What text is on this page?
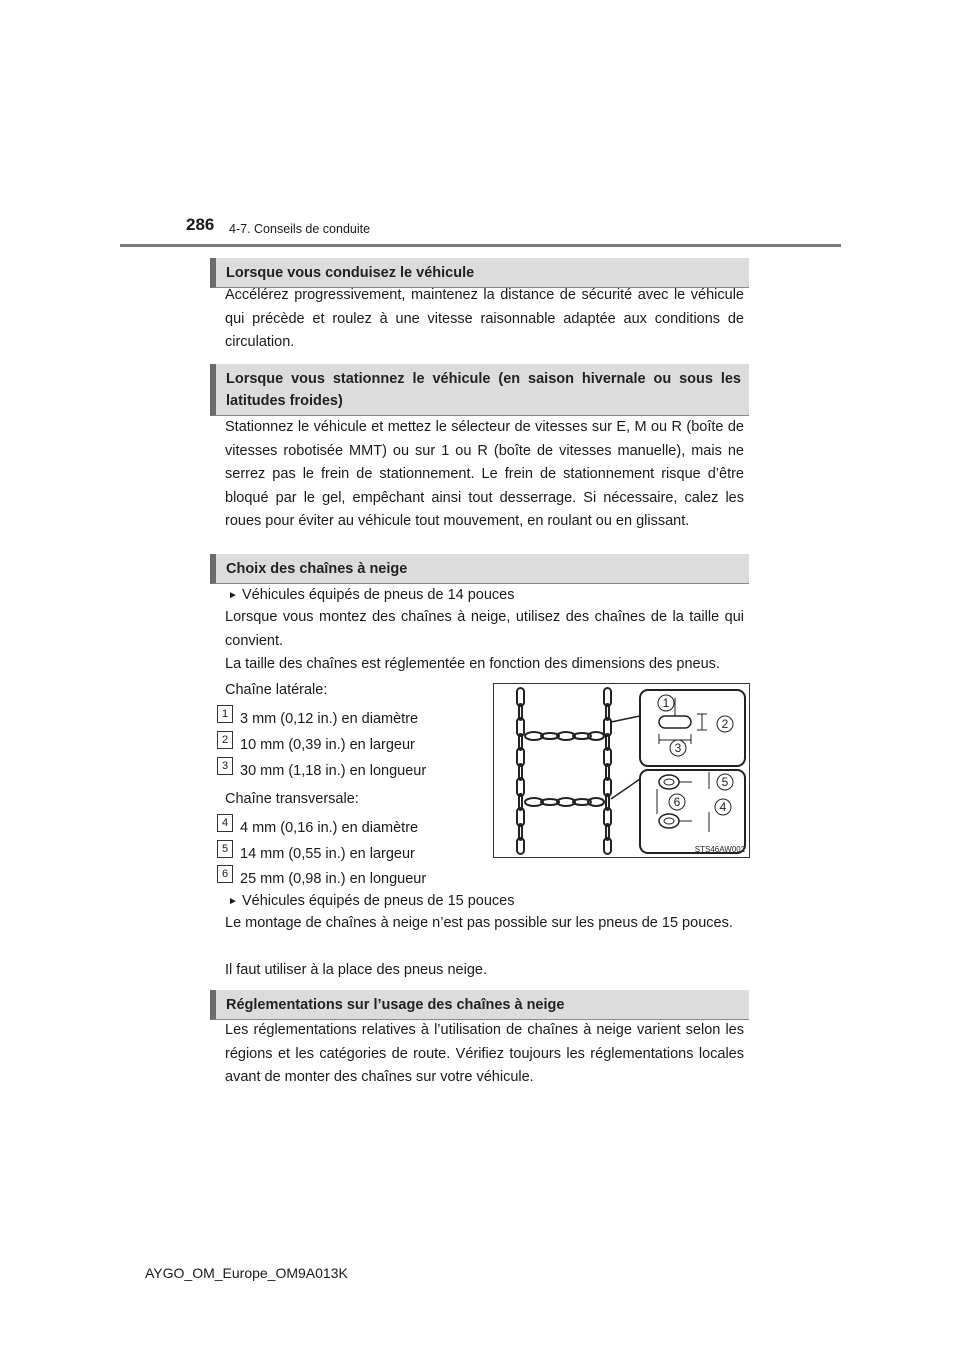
286 4-7. Conseils de conduite
Lorsque vous conduisez le véhicule

Accélérez progressivement, maintenez la distance de sécurité avec le véhicule qui précède et roulez à une vitesse raisonnable adaptée aux conditions de circulation.

Lorsque vous stationnez le véhicule (en saison hivernale ou sous les latitudes froides)

Stationnez le véhicule et mettez le sélecteur de vitesses sur E, M ou R (boîte de vitesses robotisée MMT) ou sur 1 ou R (boîte de vitesses manuelle), mais ne serrez pas le frein de stationnement. Le frein de stationnement risque d’être bloqué par le gel, empêchant ainsi tout desserrage. Si nécessaire, calez les roues pour éviter au véhicule tout mouvement, en roulant ou en glissant.

Choix des chaînes à neige
► Véhicules équipés de pneus de 14 pouces

Lorsque vous montez des chaînes à neige, utilisez des chaînes de la taille qui convient.

La taille des chaînes est réglementée en fonction des dimensions des pneus.

Chaîne latérale:
1 3 mm (0,12 in.) en diamètre
2 10 mm (0,39 in.) en largeur
3 30 mm (1,18 in.) en longueur
Chaîne transversale:
4 4 mm (0,16 in.) en diamètre
5 14 mm (0,55 in.) en largeur
6 25 mm (0,98 in.) en longueur
1
2
3
5
6	4
STS46AW002
► Véhicules équipés de pneus de 15 pouces

Le montage de chaînes à neige n’est pas possible sur les pneus de 15 pouces.

Il faut utiliser à la place des pneus neige.

Réglementations sur l’usage des chaînes à neige

Les réglementations relatives à l’utilisation de chaînes à neige varient selon les régions et les catégories de route. Vérifiez toujours les réglementations locales avant de monter des chaînes sur votre véhicule.

AYGO_OM_Europe_OM9A013K
